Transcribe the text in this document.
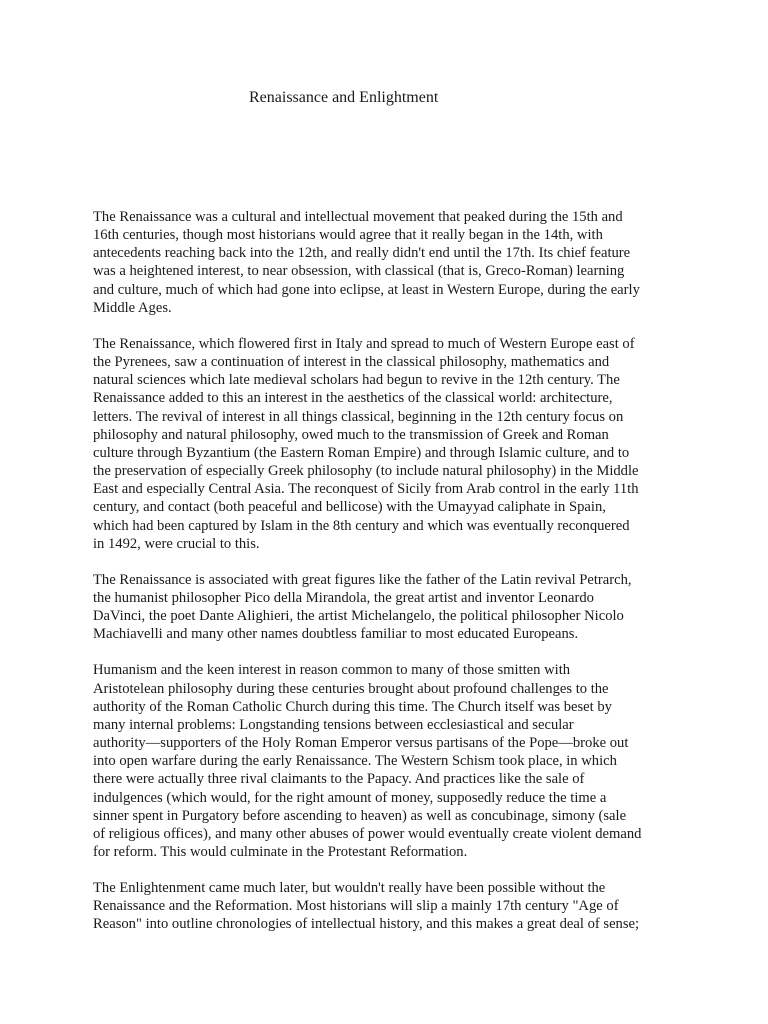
Renaissance and Enlightment

The Renaissance was a cultural and intellectual movement that peaked during the 15th and
16th centuries, though most historians would agree that it really began in the 14th, with
antecedents reaching back into the 12th, and really didn't end until the 17th. Its chief feature
was a heightened interest, to near obsession, with classical (that is, Greco-Roman) learning
and culture, much of which had gone into eclipse, at least in Western Europe, during the early
Middle Ages.

The Renaissance, which flowered first in Italy and spread to much of Western Europe east of
the Pyrenees, saw a continuation of interest in the classical philosophy, mathematics and
natural sciences which late medieval scholars had begun to revive in the 12th century. The
Renaissance added to this an interest in the aesthetics of the classical world: architecture,
letters. The revival of interest in all things classical, beginning in the 12th century focus on
philosophy and natural philosophy, owed much to the transmission of Greek and Roman
culture through Byzantium (the Eastern Roman Empire) and through Islamic culture, and to
the preservation of especially Greek philosophy (to include natural philosophy) in the Middle
East and especially Central Asia. The reconquest of Sicily from Arab control in the early 11th
century, and contact (both peaceful and bellicose) with the Umayyad caliphate in Spain,
which had been captured by Islam in the 8th century and which was eventually reconquered
in 1492, were crucial to this.

The Renaissance is associated with great figures like the father of the Latin revival Petrarch,
the humanist philosopher Pico della Mirandola, the great artist and inventor Leonardo
DaVinci, the poet Dante Alighieri, the artist Michelangelo, the political philosopher Nicolo
Machiavelli and many other names doubtless familiar to most educated Europeans.

Humanism and the keen interest in reason common to many of those smitten with
Aristotelean philosophy during these centuries brought about profound challenges to the
authority of the Roman Catholic Church during this time. The Church itself was beset by
many internal problems: Longstanding tensions between ecclesiastical and secular
authority—supporters of the Holy Roman Emperor versus partisans of the Pope—broke out
into open warfare during the early Renaissance. The Western Schism took place, in which
there were actually three rival claimants to the Papacy. And practices like the sale of
indulgences (which would, for the right amount of money, supposedly reduce the time a
sinner spent in Purgatory before ascending to heaven) as well as concubinage, simony (sale
of religious offices), and many other abuses of power would eventually create violent demand
for reform. This would culminate in the Protestant Reformation.

The Enlightenment came much later, but wouldn't really have been possible without the
Renaissance and the Reformation. Most historians will slip a mainly 17th century "Age of
Reason" into outline chronologies of intellectual history, and this makes a great deal of sense;
